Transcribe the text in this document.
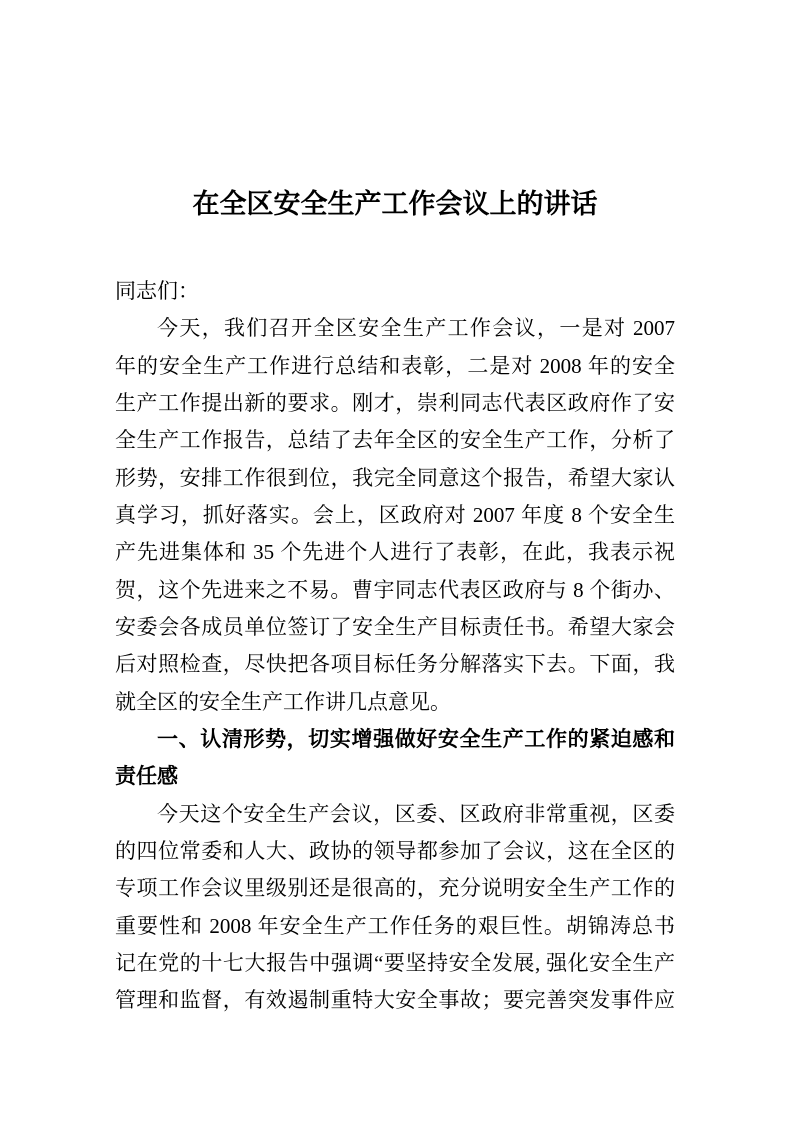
在全区安全生产工作会议上的讲话
同志们：
今天，我们召开全区安全生产工作会议，一是对 2007
年的安全生产工作进行总结和表彰，二是对 2008 年的安全
生产工作提出新的要求。刚才，崇利同志代表区政府作了安
全生产工作报告，总结了去年全区的安全生产工作，分析了
形势，安排工作很到位，我完全同意这个报告，希望大家认
真学习，抓好落实。会上，区政府对 2007 年度 8 个安全生
产先进集体和 35 个先进个人进行了表彰，在此，我表示祝
贺，这个先进来之不易。曹宇同志代表区政府与 8 个街办、
安委会各成员单位签订了安全生产目标责任书。希望大家会
后对照检查，尽快把各项目标任务分解落实下去。下面，我
就全区的安全生产工作讲几点意见。
一、认清形势，切实增强做好安全生产工作的紧迫感和
责任感
今天这个安全生产会议，区委、区政府非常重视，区委
的四位常委和人大、政协的领导都参加了会议，这在全区的
专项工作会议里级别还是很高的，充分说明安全生产工作的
重要性和 2008 年安全生产工作任务的艰巨性。胡锦涛总书
记在党的十七大报告中强调“要坚持安全发展, 强化安全生产
管理和监督，有效遏制重特大安全事故；要完善突发事件应
